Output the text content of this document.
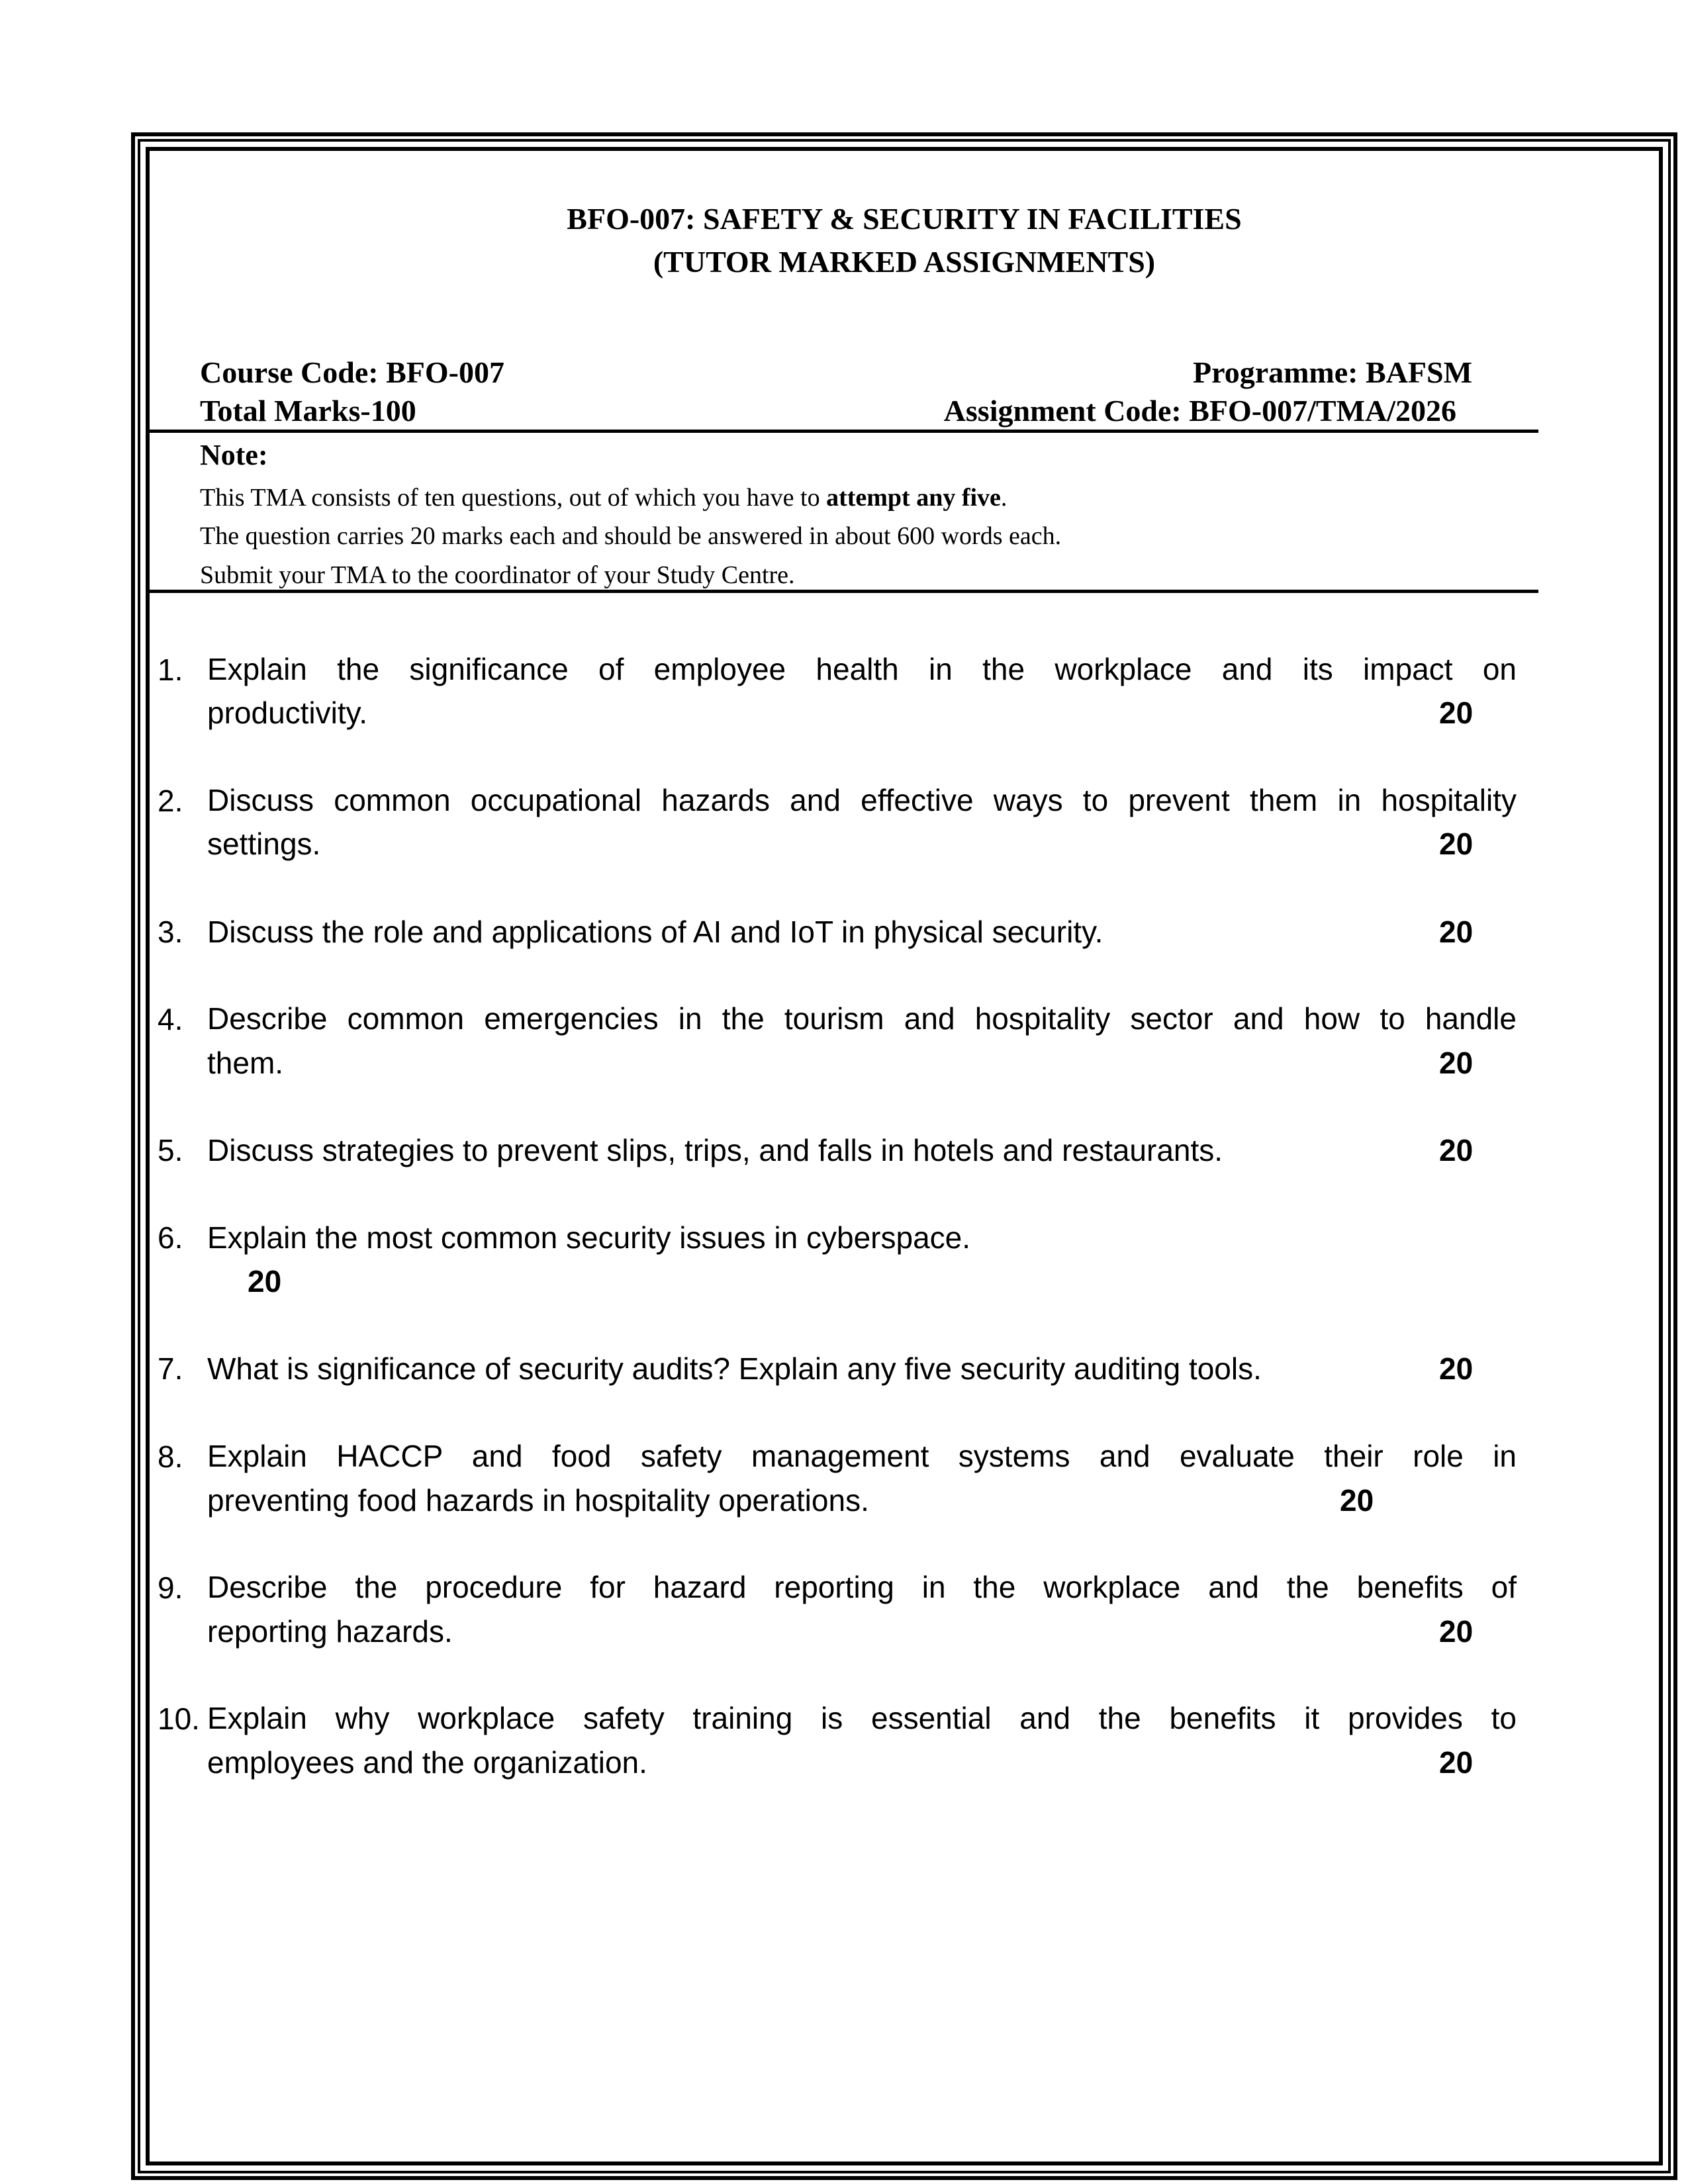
BFO-007: SAFETY & SECURITY IN FACILITIES
(TUTOR MARKED ASSIGNMENTS)
Course Code: BFO-007	Programme: BAFSM
Total Marks-100	Assignment Code: BFO-007/TMA/2026
Note:
This TMA consists of ten questions, out of which you have to attempt any five.
The question carries 20 marks each and should be answered in about 600 words each.
Submit your TMA to the coordinator of your Study Centre.
1. Explain the significance of employee health in the workplace and its impact on
productivity.	20
2. Discuss common occupational hazards and effective ways to prevent them in hospitality
settings.	20
3. Discuss the role and applications of AI and IoT in physical security.	20
4. Describe common emergencies in the tourism and hospitality sector and how to handle
them.	20
5. Discuss strategies to prevent slips, trips, and falls in hotels and restaurants.	20
6. Explain the most common security issues in cyberspace.
20
7. What is significance of security audits? Explain any five security auditing tools.	20
8. Explain HACCP and food safety management systems and evaluate their role in
preventing food hazards in hospitality operations.	20
9. Describe the procedure for hazard reporting in the workplace and the benefits of
reporting hazards.	20
10. Explain why workplace safety training is essential and the benefits it provides to
employees and the organization.	20
